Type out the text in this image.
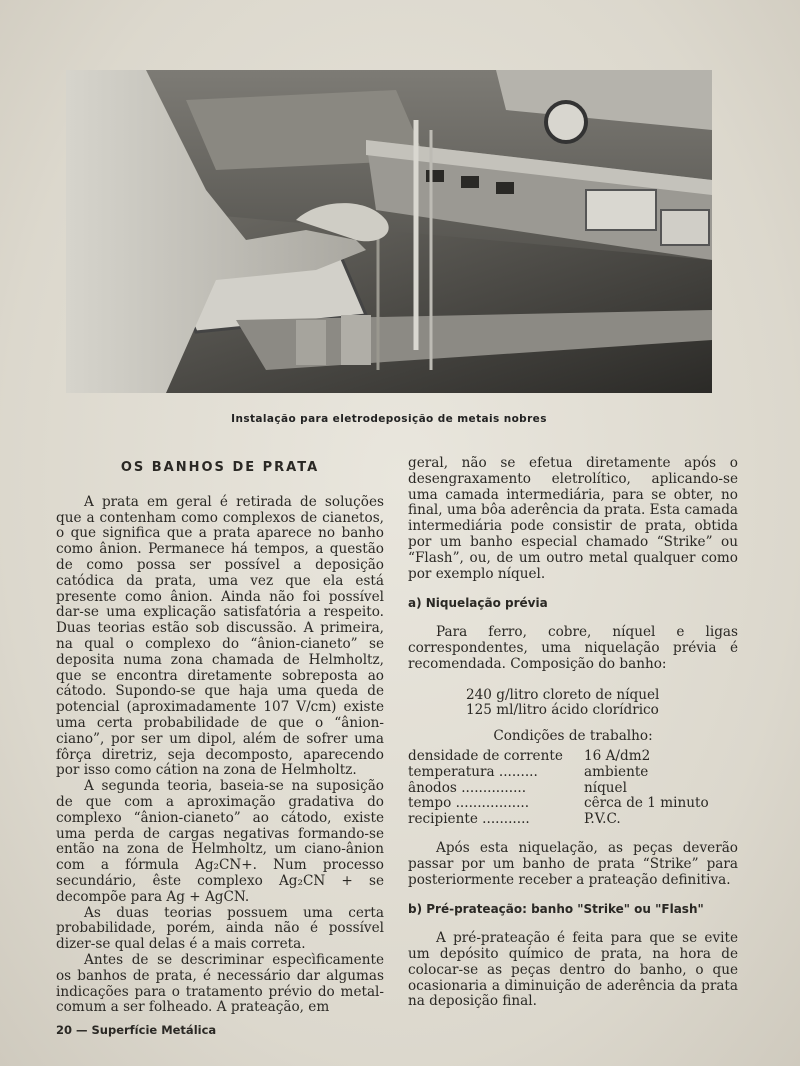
Instalação para eletrodeposição de metais nobres
OS BANHOS DE PRATA

A prata em geral é retirada de soluções que a contenham como complexos de cianetos, o que significa que a prata aparece no banho como ânion. Permanece há tempos, a questão de como possa ser possível a deposição catódica da prata, uma vez que ela está presente como ânion. Ainda não foi possível dar-se uma explicação satisfatória a respeito. Duas teorias estão sob discussão. A primeira, na qual o complexo do “ânion-cianeto” se deposita numa zona chamada de Helmholtz, que se encontra diretamente sobreposta ao cátodo. Supondo-se que haja uma queda de potencial (aproximadamente 107 V/cm) existe uma certa probabilidade de que o “ânion-ciano”, por ser um dipol, além de sofrer uma fôrça diretriz, seja decomposto, aparecendo por isso como cátion na zona de Helmholtz.

A segunda teoria, baseia-se na suposição de que com a aproximação gradativa do complexo “ânion-cianeto” ao cátodo, existe uma perda de cargas negativas formando-se então na zona de Helmholtz, um ciano-ânion com a fórmula Ag₂CN+. Num processo secundário, êste complexo Ag₂CN + se decompõe para Ag + AgCN.

As duas teorias possuem uma certa probabilidade, porém, ainda não é possível dizer-se qual delas é a mais correta.

Antes de se descriminar especìficamente os banhos de prata, é necessário dar algumas indicações para o tratamento prévio do metal-comum a ser folheado. A prateação, em

geral, não se efetua diretamente após o desengraxamento eletrolítico, aplicando-se uma camada intermediária, para se obter, no final, uma bôa aderência da prata. Esta camada intermediária pode consistir de prata, obtida por um banho especial chamado “Strike” ou “Flash”, ou, de um outro metal qualquer como por exemplo níquel.

a) Niquelação prévia

Para ferro, cobre, níquel e ligas correspondentes, uma niquelação prévia é recomendada. Composição do banho:

240 g/litro cloreto de níquel
125 ml/litro ácido clorídrico

Condições de trabalho:

densidade de corrente	16 A/dm2
temperatura .........	ambiente
ânodos ...............	níquel
tempo .................	cêrca de 1 minuto
recipiente ...........	P.V.C.

Após esta niquelação, as peças deverão passar por um banho de prata “Strike” para posteriormente receber a prateação definitiva.

b) Pré-prateação: banho "Strike" ou "Flash"

A pré-prateação é feita para que se evite um depósito químico de prata, na hora de colocar-se as peças dentro do banho, o que ocasionaria a diminuição de aderência da prata na deposição final.

20 — Superfície Metálica
